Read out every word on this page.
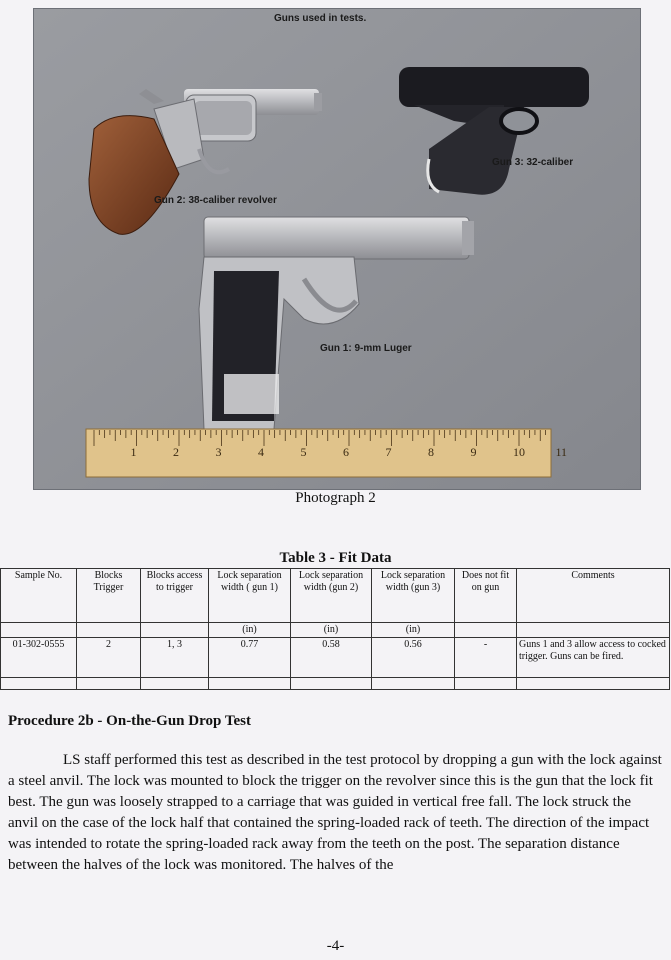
1	2	3	4	5	6	7	8	9	10	11
Guns used in tests.
Gun 3: 32-caliber
Gun 2: 38-caliber revolver
Gun 1: 9-mm Luger
Photograph 2
Table 3 - Fit Data
Sample No.	Blocks Trigger	Blocks access to trigger	Lock separation width ( gun 1)	Lock separation width (gun 2)	Lock separation width (gun 3)	Does not fit on gun	Comments
			(in)	(in)	(in)		
01-302-0555	2	1, 3	0.77	0.58	0.56	-	Guns 1 and 3 allow access to cocked trigger. Guns can be fired.

Procedure 2b - On-the-Gun Drop Test
LS staff performed this test as described in the test protocol by dropping a gun with the lock against a steel anvil. The lock was mounted to block the trigger on the revolver since this is the gun that the lock fit best. The gun was loosely strapped to a carriage that was guided in vertical free fall. The lock struck the anvil on the case of the lock half that contained the spring-loaded rack of teeth. The direction of the impact was intended to rotate the spring-loaded rack away from the teeth on the post. The separation distance between the halves of the lock was monitored. The halves of the
-4-
